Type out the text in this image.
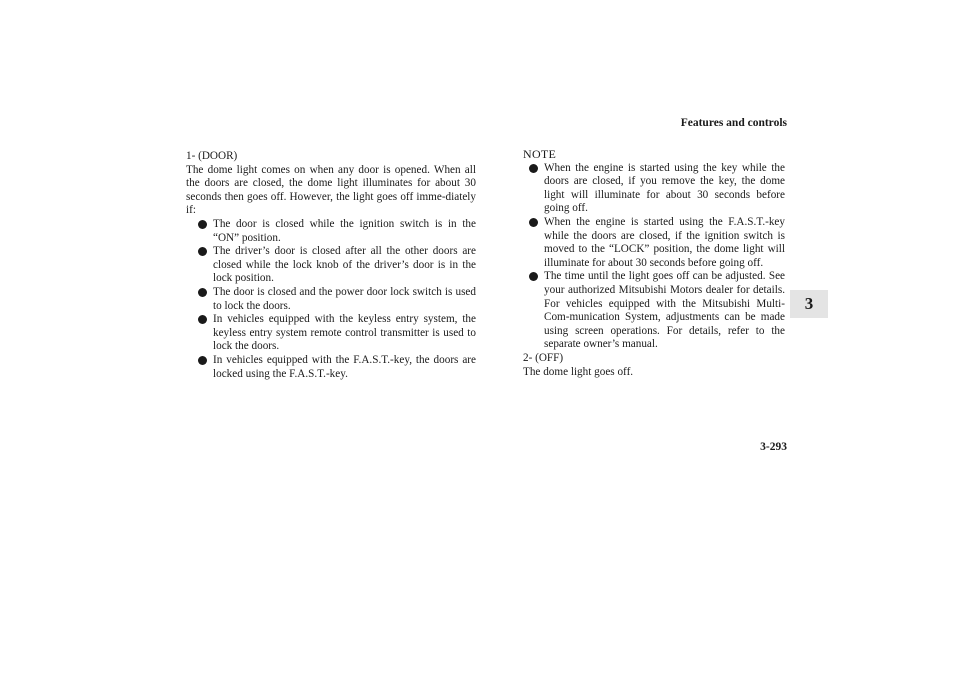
Features and controls
3

1- (DOOR)

The dome light comes on when any door is opened. When all the doors are closed, the dome light illuminates for about 30 seconds then goes off. However, the light goes off imme-diately if:

The door is closed while the ignition switch is in the “ON” position.
The driver’s door is closed after all the other doors are closed while the lock knob of the driver’s door is in the lock position.
The door is closed and the power door lock switch is used to lock the doors.
In vehicles equipped with the keyless entry system, the keyless entry system remote control transmitter is used to lock the doors.
In vehicles equipped with the F.A.S.T.-key, the doors are locked using the F.A.S.T.-key.

NOTE

When the engine is started using the key while the doors are closed, if you remove the key, the dome light will illuminate for about 30 seconds before going off.
When the engine is started using the F.A.S.T.-key while the doors are closed, if the ignition switch is moved to the “LOCK” position, the dome light will illuminate for about 30 seconds before going off.
The time until the light goes off can be adjusted. See your authorized Mitsubishi Motors dealer for details. For vehicles equipped with the Mitsubishi Multi-Com-munication System, adjustments can be made using screen operations. For details, refer to the separate owner’s manual.

2- (OFF)

The dome light goes off.

3-293
